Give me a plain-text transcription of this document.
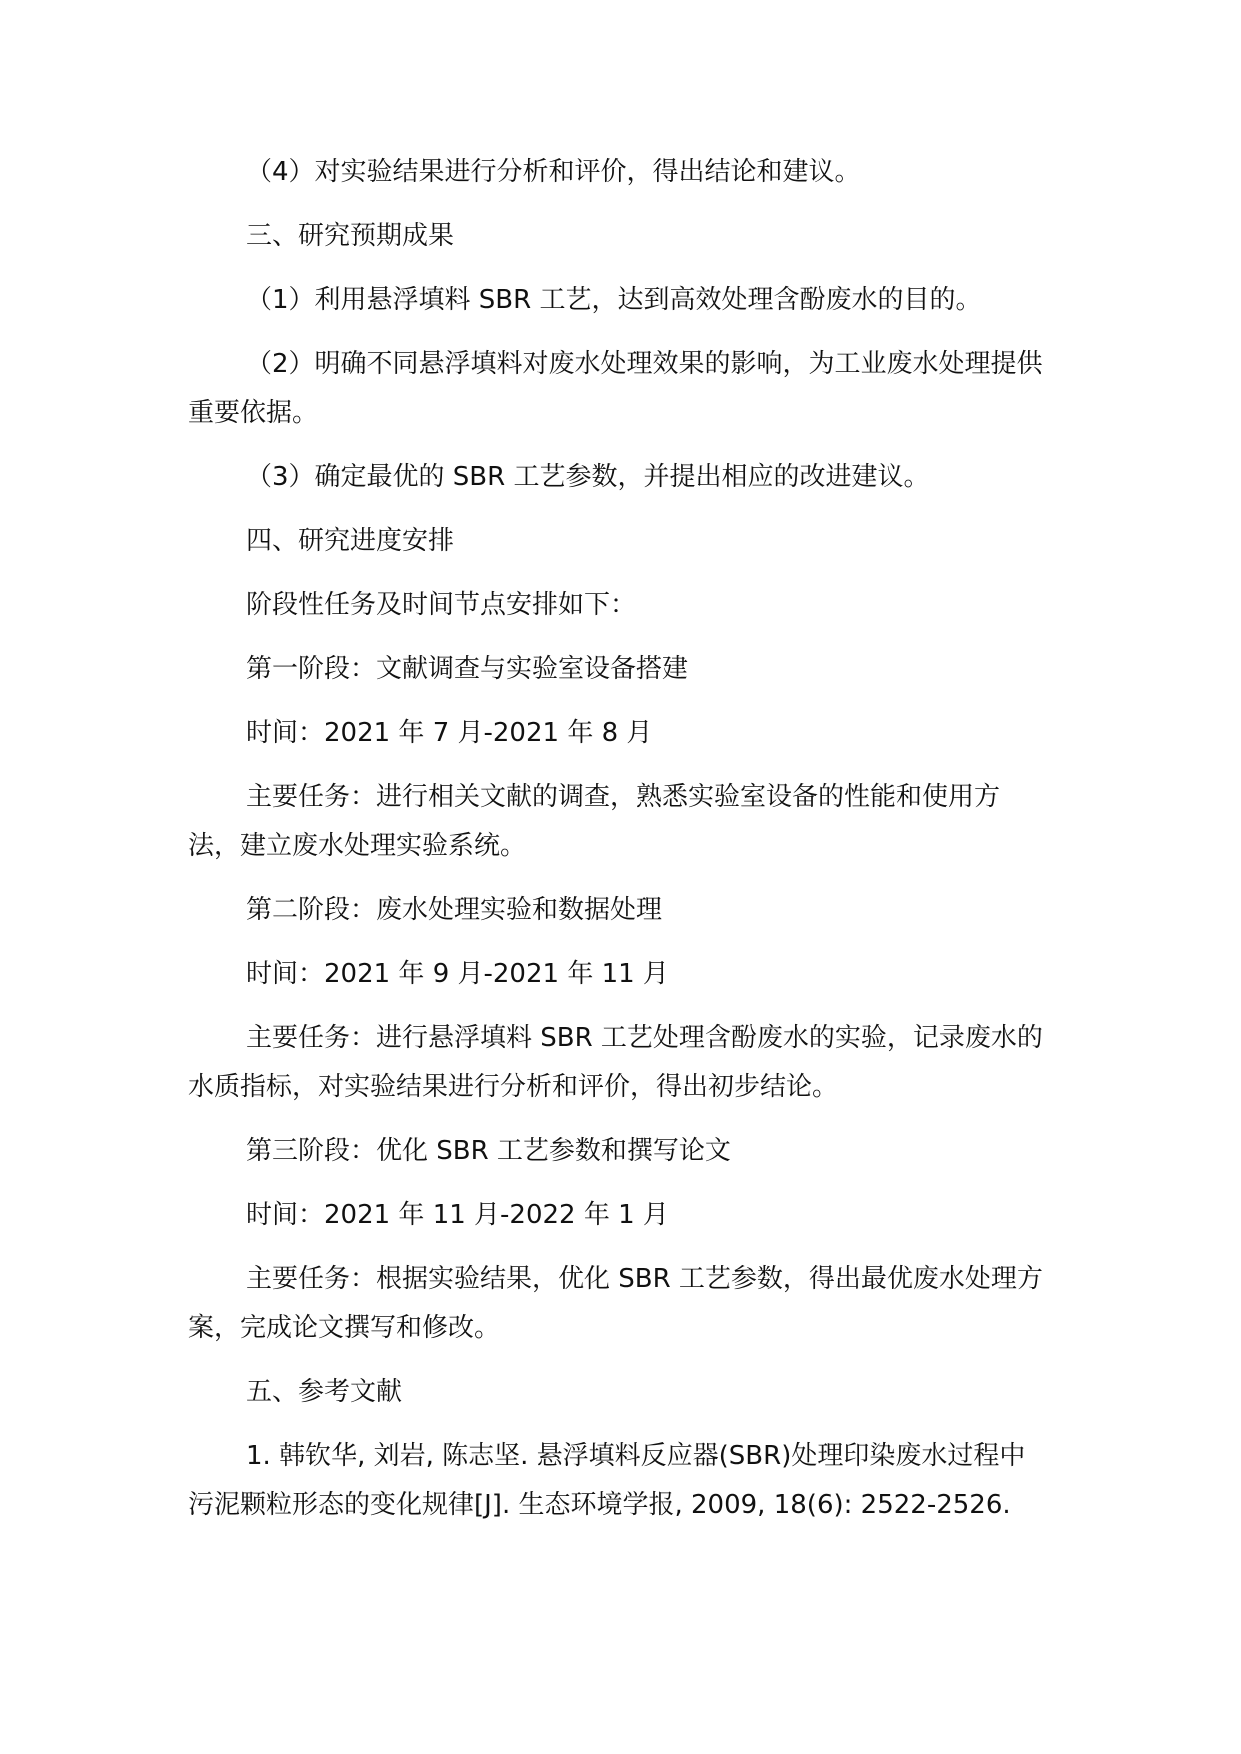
（4）对实验结果进行分析和评价，得出结论和建议。

三、研究预期成果

（1）利用悬浮填料 SBR 工艺，达到高效处理含酚废水的目的。

（2）明确不同悬浮填料对废水处理效果的影响，为工业废水处理提供重要依据。

（3）确定最优的 SBR 工艺参数，并提出相应的改进建议。

四、研究进度安排

阶段性任务及时间节点安排如下：

第一阶段：文献调查与实验室设备搭建

时间：2021 年 7 月-2021 年 8 月

主要任务：进行相关文献的调查，熟悉实验室设备的性能和使用方法，建立废水处理实验系统。

第二阶段：废水处理实验和数据处理

时间：2021 年 9 月-2021 年 11 月

主要任务：进行悬浮填料 SBR 工艺处理含酚废水的实验，记录废水的水质指标，对实验结果进行分析和评价，得出初步结论。

第三阶段：优化 SBR 工艺参数和撰写论文

时间：2021 年 11 月-2022 年 1 月

主要任务：根据实验结果，优化 SBR 工艺参数，得出最优废水处理方案，完成论文撰写和修改。

五、参考文献

1. 韩钦华, 刘岩, 陈志坚. 悬浮填料反应器(SBR)处理印染废水过程中污泥颗粒形态的变化规律[J]. 生态环境学报, 2009, 18(6): 2522-2526.
